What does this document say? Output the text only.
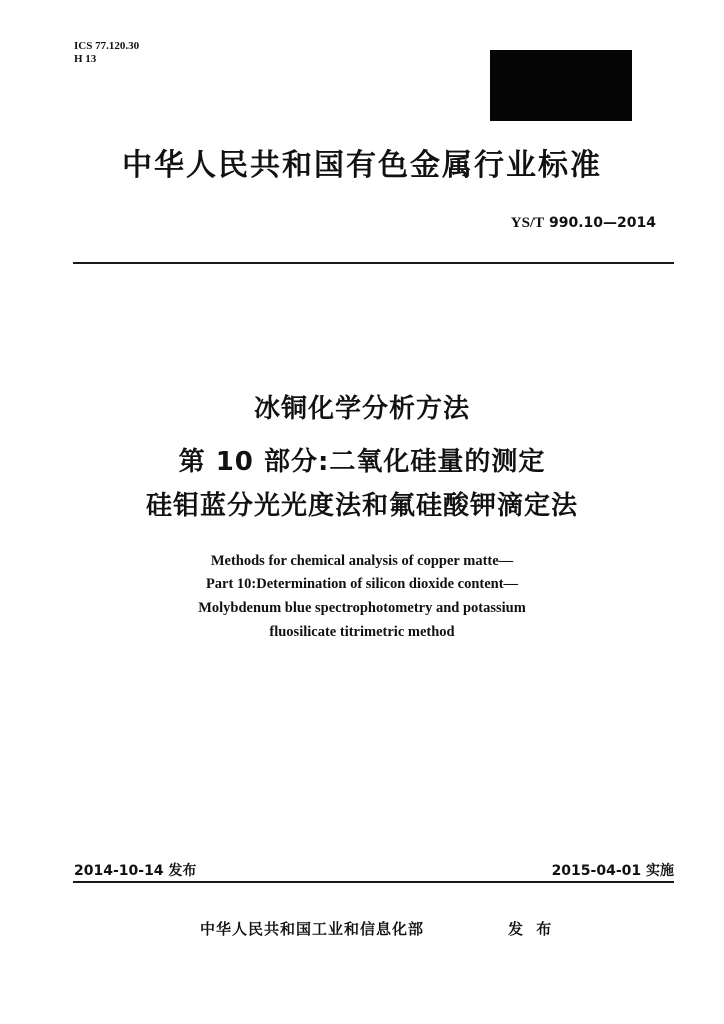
ICS 77.120.30
H 13
中华人民共和国有色金属行业标准
YS/T 990.10—2014
冰铜化学分析方法
第 10 部分:二氧化硅量的测定
硅钼蓝分光光度法和氟硅酸钾滴定法
Methods for chemical analysis of copper matte—
Part 10:Determination of silicon dioxide content—
Molybdenum blue spectrophotometry and potassium
fluosilicate titrimetric method
2014-10-14 发布	2015-04-01 实施
中华人民共和国工业和信息化部	发 布
